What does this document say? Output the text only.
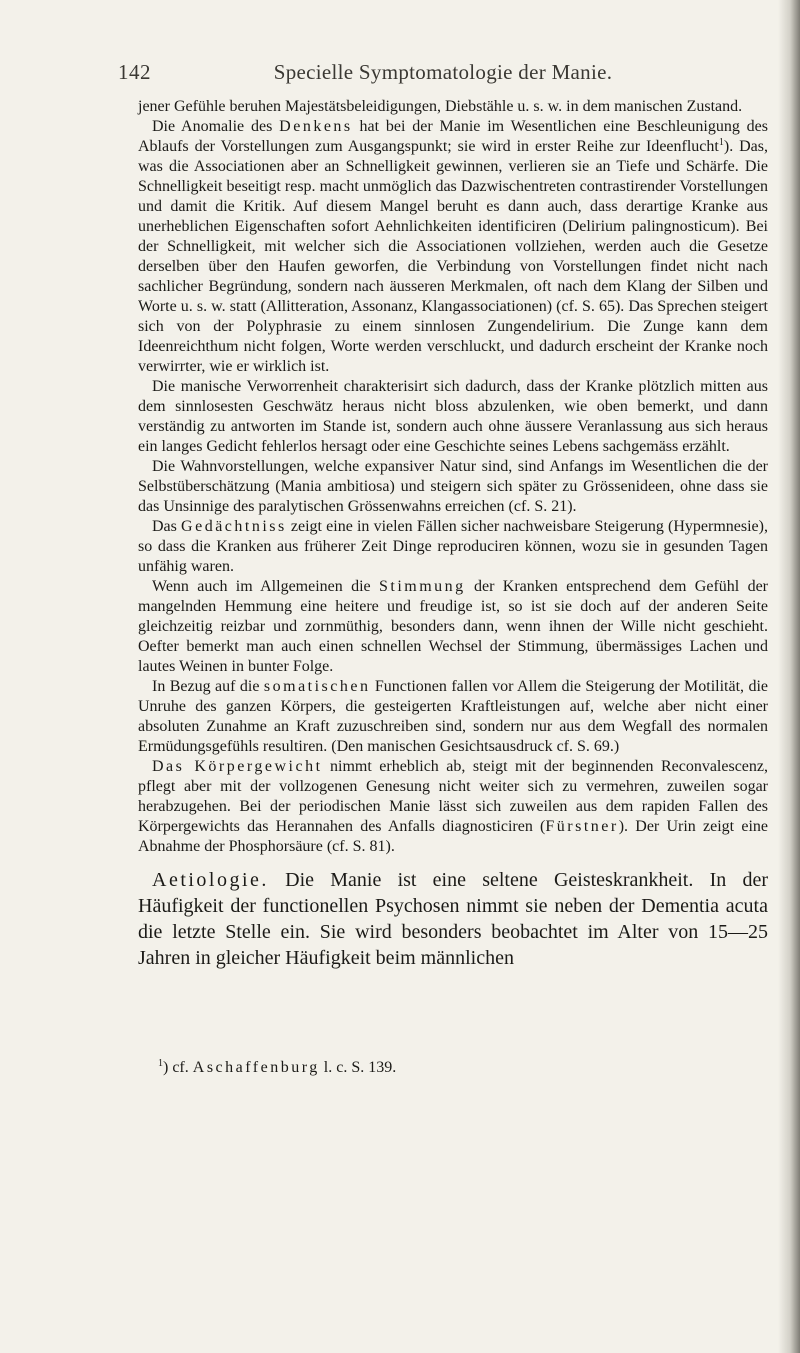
142	Specielle Symptomatologie der Manie.

jener Gefühle beruhen Majestätsbeleidigungen, Diebstähle u. s. w. in dem manischen Zustand.

Die Anomalie des Denkens hat bei der Manie im Wesentlichen eine Beschleunigung des Ablaufs der Vorstellungen zum Ausgangspunkt; sie wird in erster Reihe zur Ideenflucht$^1$). Das, was die Associationen aber an Schnelligkeit gewinnen, verlieren sie an Tiefe und Schärfe. Die Schnelligkeit beseitigt resp. macht unmöglich das Dazwischentreten contrastirender Vorstellungen und damit die Kritik. Auf diesem Mangel beruht es dann auch, dass derartige Kranke aus unerheblichen Eigenschaften sofort Aehnlichkeiten identificiren (Delirium palingnosticum). Bei der Schnelligkeit, mit welcher sich die Associationen vollziehen, werden auch die Gesetze derselben über den Haufen geworfen, die Verbindung von Vorstellungen findet nicht nach sachlicher Begründung, sondern nach äusseren Merkmalen, oft nach dem Klang der Silben und Worte u. s. w. statt (Allitteration, Assonanz, Klangassociationen) (cf. S. 65). Das Sprechen steigert sich von der Polyphrasie zu einem sinnlosen Zungendelirium. Die Zunge kann dem Ideenreichthum nicht folgen, Worte werden verschluckt, und dadurch erscheint der Kranke noch verwirrter, wie er wirklich ist.

Die manische Verworrenheit charakterisirt sich dadurch, dass der Kranke plötzlich mitten aus dem sinnlosesten Geschwätz heraus nicht bloss abzulenken, wie oben bemerkt, und dann verständig zu antworten im Stande ist, sondern auch ohne äussere Veranlassung aus sich heraus ein langes Gedicht fehlerlos hersagt oder eine Geschichte seines Lebens sachgemäss erzählt.

Die Wahnvorstellungen, welche expansiver Natur sind, sind Anfangs im Wesentlichen die der Selbstüberschätzung (Mania ambitiosa) und steigern sich später zu Grössenideen, ohne dass sie das Unsinnige des paralytischen Grössenwahns erreichen (cf. S. 21).

Das Gedächtniss zeigt eine in vielen Fällen sicher nachweisbare Steigerung (Hypermnesie), so dass die Kranken aus früherer Zeit Dinge reproduciren können, wozu sie in gesunden Tagen unfähig waren.

Wenn auch im Allgemeinen die Stimmung der Kranken entsprechend dem Gefühl der mangelnden Hemmung eine heitere und freudige ist, so ist sie doch auf der anderen Seite gleichzeitig reizbar und zornmüthig, besonders dann, wenn ihnen der Wille nicht geschieht. Oefter bemerkt man auch einen schnellen Wechsel der Stimmung, übermässiges Lachen und lautes Weinen in bunter Folge.

In Bezug auf die somatischen Functionen fallen vor Allem die Steigerung der Motilität, die Unruhe des ganzen Körpers, die gesteigerten Kraftleistungen auf, welche aber nicht einer absoluten Zunahme an Kraft zuzuschreiben sind, sondern nur aus dem Wegfall des normalen Ermüdungsgefühls resultiren. (Den manischen Gesichtsausdruck cf. S. 69.)

Das Körpergewicht nimmt erheblich ab, steigt mit der beginnenden Reconvalescenz, pflegt aber mit der vollzogenen Genesung nicht weiter sich zu vermehren, zuweilen sogar herabzugehen. Bei der periodischen Manie lässt sich zuweilen aus dem rapiden Fallen des Körpergewichts das Herannahen des Anfalls diagnosticiren (Fürstner). Der Urin zeigt eine Abnahme der Phosphorsäure (cf. S. 81).

Aetiologie. Die Manie ist eine seltene Geisteskrankheit. In der Häufigkeit der functionellen Psychosen nimmt sie neben der Dementia acuta die letzte Stelle ein. Sie wird besonders beobachtet im Alter von 15—25 Jahren in gleicher Häufigkeit beim männlichen

$^1$) cf. Aschaffenburg l. c. S. 139.
